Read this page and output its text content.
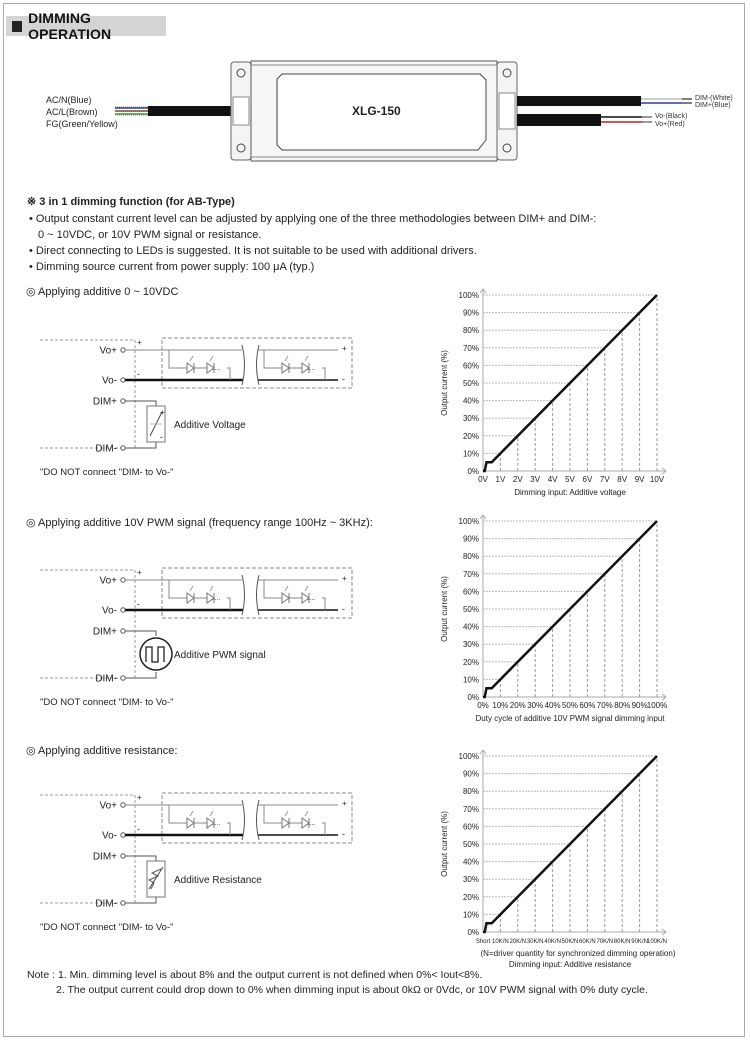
DIMMING OPERATION
XLG-150
AC/N(Blue)
AC/L(Brown)
FG(Green/Yellow)
DIM-(White)
DIM+(Blue)
Vo-(Black)
Vo+(Red)
※ 3 in 1 dimming function (for AB-Type)
• Output constant current level can be adjusted by applying one of the three methodologies between DIM+ and DIM-:
0 ~ 10VDC, or 10V PWM signal or resistance.
• Direct connecting to LEDs is suggested. It is not suitable to be used with additional drivers.
• Dimming source current from power supply: 100 μA (typ.)
◎ Applying additive 0 ~ 10VDC
◎ Applying additive 10V PWM signal (frequency range 100Hz ~ 3KHz):
◎ Applying additive resistance:
Vo+
Vo-
DIM+
DIM-
....	....
+
-
+
-
+
-
Additive Voltage
"DO NOT connect "DIM- to Vo-"
Vo+
Vo-
DIM+
DIM-
....	....
+
-
+
-
Additive PWM signal
"DO NOT connect "DIM- to Vo-"
Vo+
Vo-
DIM+
DIM-
....	....
+
-
+
-
Additive Resistance
"DO NOT connect "DIM- to Vo-"
0%
10%
20%
30%
40%
50%
60%
70%
80%
90%
100%
0V 1V 2V 3V 4V 5V 6V 7V 8V 9V 10V
Output current (%)
Dimming input: Additive voltage
0%
10%
20%
30%
40%
50%
60%
70%
80%
90%
100%
0% 10% 20% 30% 40% 50% 60% 70% 80% 90% 100%
Output current (%)
Duty cycle of additive 10V PWM signal dimming input
0%
10%
20%
30%
40%
50%
60%
70%
80%
90%
100%
Short 10K/N 20K/N 30K/N 40K/N 50K/N 60K/N 70K/N 80K/N 90K/N 100K/N
Output current (%)
(N=driver quantity for synchronized dimming operation)
Dimming input: Additive resistance
Note : 1. Min. dimming level is about 8% and the output current is not defined when 0%< Iout<8%.
2. The output current could drop down to 0% when dimming input is about 0kΩ or 0Vdc, or 10V PWM signal with 0% duty cycle.
